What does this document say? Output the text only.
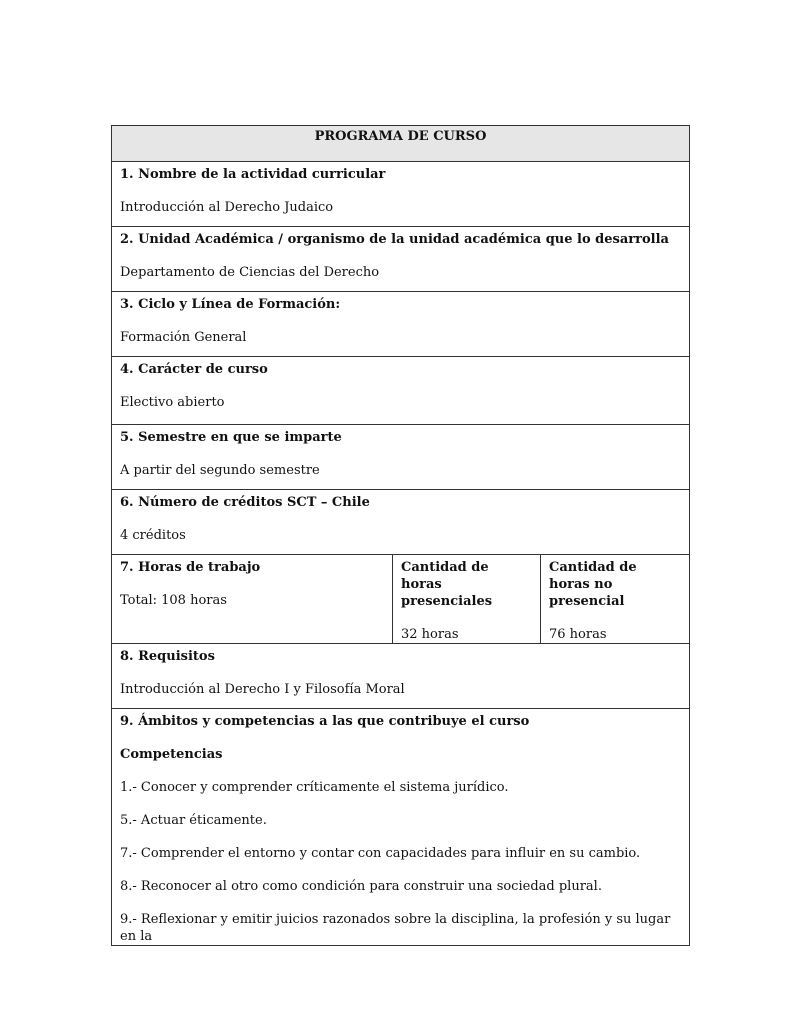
PROGRAMA DE CURSO

1. Nombre de la actividad curricular
Introducción al Derecho Judaico

2. Unidad Académica / organismo de la unidad académica que lo desarrolla
Departamento de Ciencias del Derecho

3. Ciclo y Línea de Formación:
Formación General

4. Carácter de curso
Electivo abierto

5. Semestre en que se imparte
A partir del segundo semestre

6. Número de créditos SCT – Chile
4 créditos

7. Horas de trabajo
Total: 108 horas

Cantidad de horas presenciales
32 horas

Cantidad de horas no presencial
76 horas

8. Requisitos
Introducción al Derecho I y Filosofía Moral

9. Ámbitos y competencias a las que contribuye el curso
Competencias
1.- Conocer y comprender críticamente el sistema jurídico.
5.- Actuar éticamente.
7.- Comprender el entorno y contar con capacidades para influir en su cambio.
8.- Reconocer al otro como condición para construir una sociedad plural.
9.- Reflexionar y emitir juicios razonados sobre la disciplina, la profesión y su lugar en la
